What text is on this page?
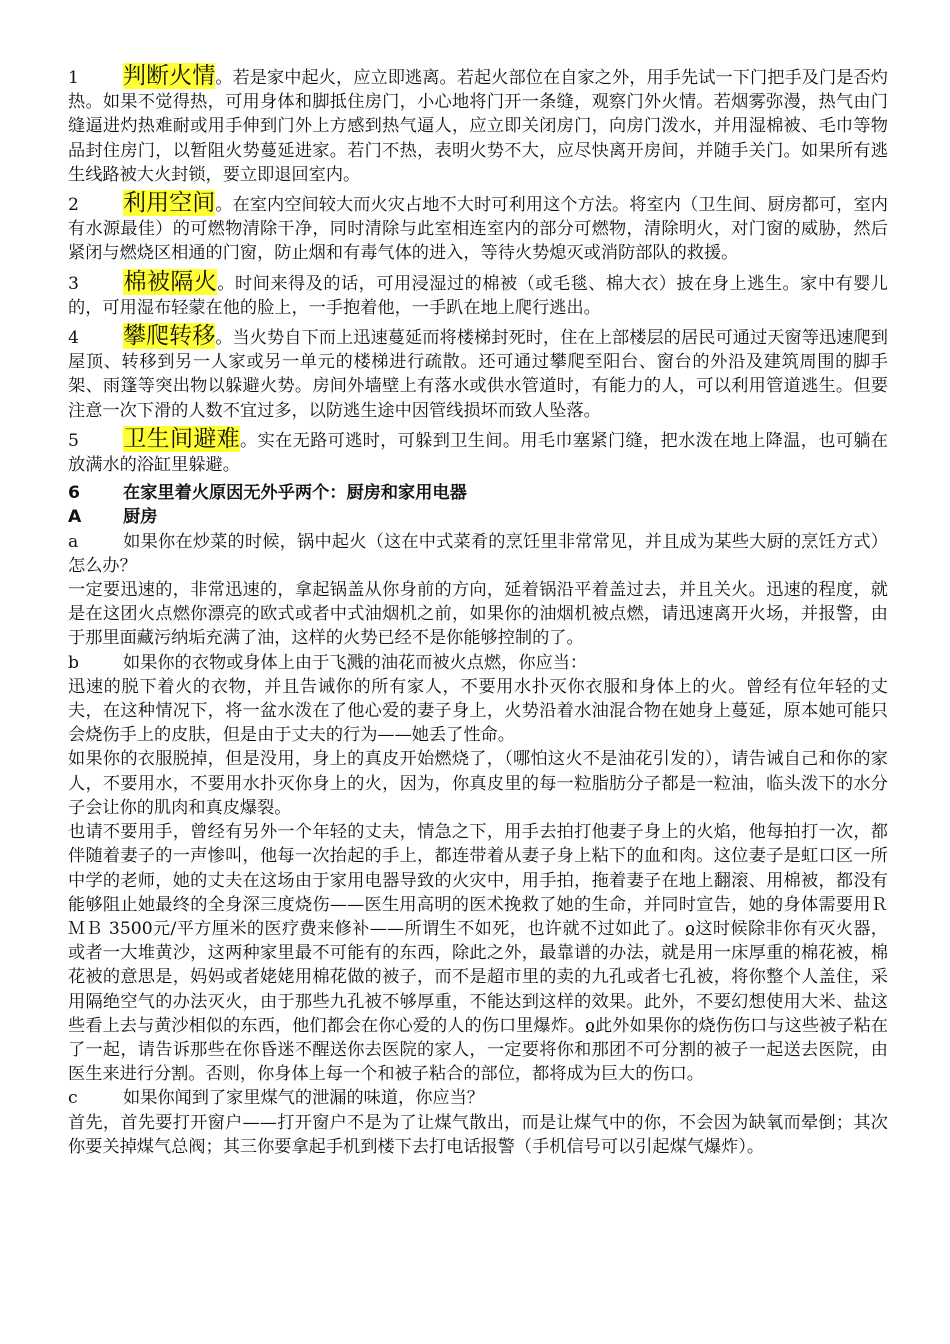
1 判断火情。若是家中起火，应立即逃离。若起火部位在自家之外，用手先试一下门把手及门是否灼热。如果不觉得热，可用身体和脚抵住房门，小心地将门开一条缝，观察门外火情。若烟雾弥漫，热气由门缝逼进灼热难耐或用手伸到门外上方感到热气逼人，应立即关闭房门，向房门泼水，并用湿棉被、毛巾等物品封住房门，以暂阻火势蔓延进家。若门不热，表明火势不大，应尽快离开房间，并随手关门。如果所有逃生线路被大火封锁，要立即退回室内。

2 利用空间。在室内空间较大而火灾占地不大时可利用这个方法。将室内（卫生间、厨房都可，室内有水源最佳）的可燃物清除干净，同时清除与此室相连室内的部分可燃物，清除明火，对门窗的威胁，然后紧闭与燃烧区相通的门窗，防止烟和有毒气体的进入，等待火势熄灭或消防部队的救援。

3 棉被隔火。时间来得及的话，可用浸湿过的棉被（或毛毯、棉大衣）披在身上逃生。家中有婴儿的，可用湿布轻蒙在他的脸上，一手抱着他，一手趴在地上爬行逃出。

4 攀爬转移。当火势自下而上迅速蔓延而将楼梯封死时，住在上部楼层的居民可通过天窗等迅速爬到屋顶、转移到另一人家或另一单元的楼梯进行疏散。还可通过攀爬至阳台、窗台的外沿及建筑周围的脚手架、雨篷等突出物以躲避火势。房间外墙壁上有落水或供水管道时，有能力的人，可以利用管道逃生。但要注意一次下滑的人数不宜过多，以防逃生途中因管线损坏而致人坠落。

5 卫生间避难。实在无路可逃时，可躲到卫生间。用毛巾塞紧门缝，把水泼在地上降温，也可躺在放满水的浴缸里躲避。

6	在家里着火原因无外乎两个：厨房和家用电器

A 厨房

a	如果你在炒菜的时候，锅中起火（这在中式菜肴的烹饪里非常常见，并且成为某些大厨的烹饪方式）怎么办？

一定要迅速的，非常迅速的，拿起锅盖从你身前的方向，延着锅沿平着盖过去，并且关火。迅速的程度，就是在这团火点燃你漂亮的欧式或者中式油烟机之前，如果你的油烟机被点燃，请迅速离开火场，并报警，由于那里面藏污纳垢充满了油，这样的火势已经不是你能够控制的了。

b	如果你的衣物或身体上由于飞溅的油花而被火点燃，你应当：

迅速的脱下着火的衣物，并且告诫你的所有家人，不要用水扑灭你衣服和身体上的火。曾经有位年轻的丈夫，在这种情况下，将一盆水泼在了他心爱的妻子身上，火势沿着水油混合物在她身上蔓延，原本她可能只会烧伤手上的皮肤，但是由于丈夫的行为——她丢了性命。

如果你的衣服脱掉，但是没用，身上的真皮开始燃烧了，（哪怕这火不是油花引发的），请告诫自己和你的家人，不要用水，不要用水扑灭你身上的火，因为，你真皮里的每一粒脂肪分子都是一粒油，临头泼下的水分子会让你的肌肉和真皮爆裂。

也请不要用手，曾经有另外一个年轻的丈夫，情急之下，用手去拍打他妻子身上的火焰，他每拍打一次，都伴随着妻子的一声惨叫，他每一次抬起的手上，都连带着从妻子身上粘下的血和肉。这位妻子是虹口区一所中学的老师，她的丈夫在这场由于家用电器导致的火灾中，用手拍，拖着妻子在地上翻滚、用棉被，都没有能够阻止她最终的全身深三度烧伤——医生用高明的医术挽救了她的生命，并同时宣告，她的身体需要用ＲＭＢ 3500元/平方厘米的医疗费来修补——所谓生不如死，也许就不过如此了。ჲ这时候除非你有灭火器，或者一大堆黄沙，这两种家里最不可能有的东西，除此之外，最靠谱的办法，就是用一床厚重的棉花被，棉花被的意思是，妈妈或者姥姥用棉花做的被子，而不是超市里的卖的九孔或者七孔被，将你整个人盖住，采用隔绝空气的办法灭火，由于那些九孔被不够厚重，不能达到这样的效果。此外，不要幻想使用大米、盐这些看上去与黄沙相似的东西，他们都会在你心爱的人的伤口里爆炸。ჲ此外如果你的烧伤伤口与这些被子粘在了一起，请告诉那些在你昏迷不醒送你去医院的家人，一定要将你和那团不可分割的被子一起送去医院，由医生来进行分割。否则，你身体上每一个和被子粘合的部位，都将成为巨大的伤口。

c	如果你闻到了家里煤气的泄漏的味道，你应当？

首先，首先要打开窗户——打开窗户不是为了让煤气散出，而是让煤气中的你，不会因为缺氧而晕倒；其次你要关掉煤气总阀；其三你要拿起手机到楼下去打电话报警（手机信号可以引起煤气爆炸）。
